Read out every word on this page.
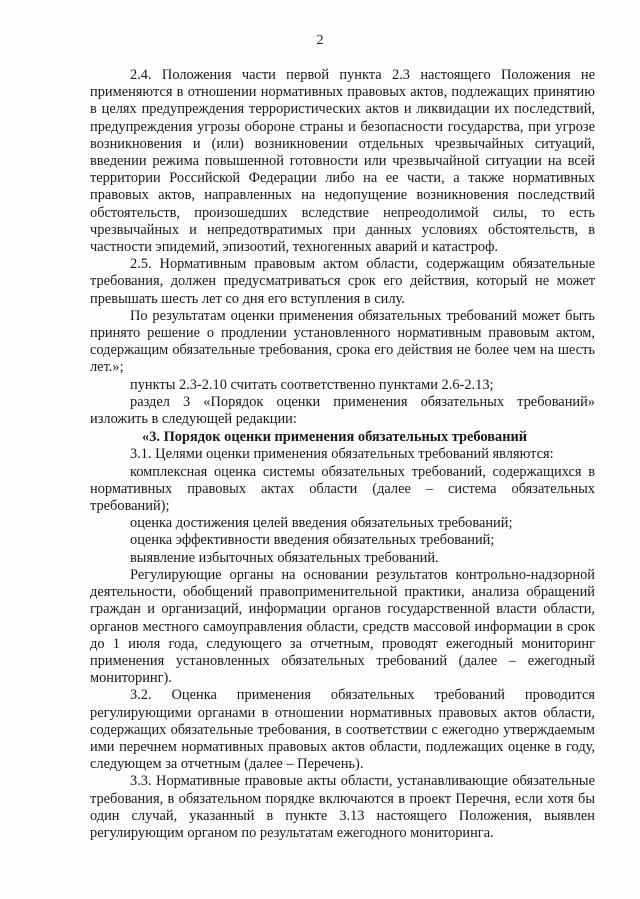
2

2.4. Положения части первой пункта 2.3 настоящего Положения не применяются в отношении нормативных правовых актов, подлежащих принятию в целях предупреждения террористических актов и ликвидации их последствий, предупреждения угрозы обороне страны и безопасности государства, при угрозе возникновения и (или) возникновении отдельных чрезвычайных ситуаций, введении режима повышенной готовности или чрезвычайной ситуации на всей территории Российской Федерации либо на ее части, а также нормативных правовых актов, направленных на недопущение возникновения последствий обстоятельств, произошедших вследствие непреодолимой силы, то есть чрезвычайных и непредотвратимых при данных условиях обстоятельств, в частности эпидемий, эпизоотий, техногенных аварий и катастроф.

2.5. Нормативным правовым актом области, содержащим обязательные требования, должен предусматриваться срок его действия, который не может превышать шесть лет со дня его вступления в силу.

По результатам оценки применения обязательных требований может быть принято решение о продлении установленного нормативным правовым актом, содержащим обязательные требования, срока его действия не более чем на шесть лет.»;

пункты 2.3-2.10 считать соответственно пунктами 2.6-2.13;

раздел 3 «Порядок оценки применения обязательных требований» изложить в следующей редакции:

«3. Порядок оценки применения обязательных требований

3.1. Целями оценки применения обязательных требований являются:

комплексная оценка системы обязательных требований, содержащихся в нормативных правовых актах области (далее – система обязательных требований);

оценка достижения целей введения обязательных требований;

оценка эффективности введения обязательных требований;

выявление избыточных обязательных требований.

Регулирующие органы на основании результатов контрольно-надзорной деятельности, обобщений правоприменительной практики, анализа обращений граждан и организаций, информации органов государственной власти области, органов местного самоуправления области, средств массовой информации в срок до 1 июля года, следующего за отчетным, проводят ежегодный мониторинг применения установленных обязательных требований (далее – ежегодный мониторинг).

3.2. Оценка применения обязательных требований проводится регулирующими органами в отношении нормативных правовых актов области, содержащих обязательные требования, в соответствии с ежегодно утверждаемым ими перечнем нормативных правовых актов области, подлежащих оценке в году, следующем за отчетным (далее – Перечень).

3.3. Нормативные правовые акты области, устанавливающие обязательные требования, в обязательном порядке включаются в проект Перечня, если хотя бы один случай, указанный в пункте 3.13 настоящего Положения, выявлен регулирующим органом по результатам ежегодного мониторинга.
